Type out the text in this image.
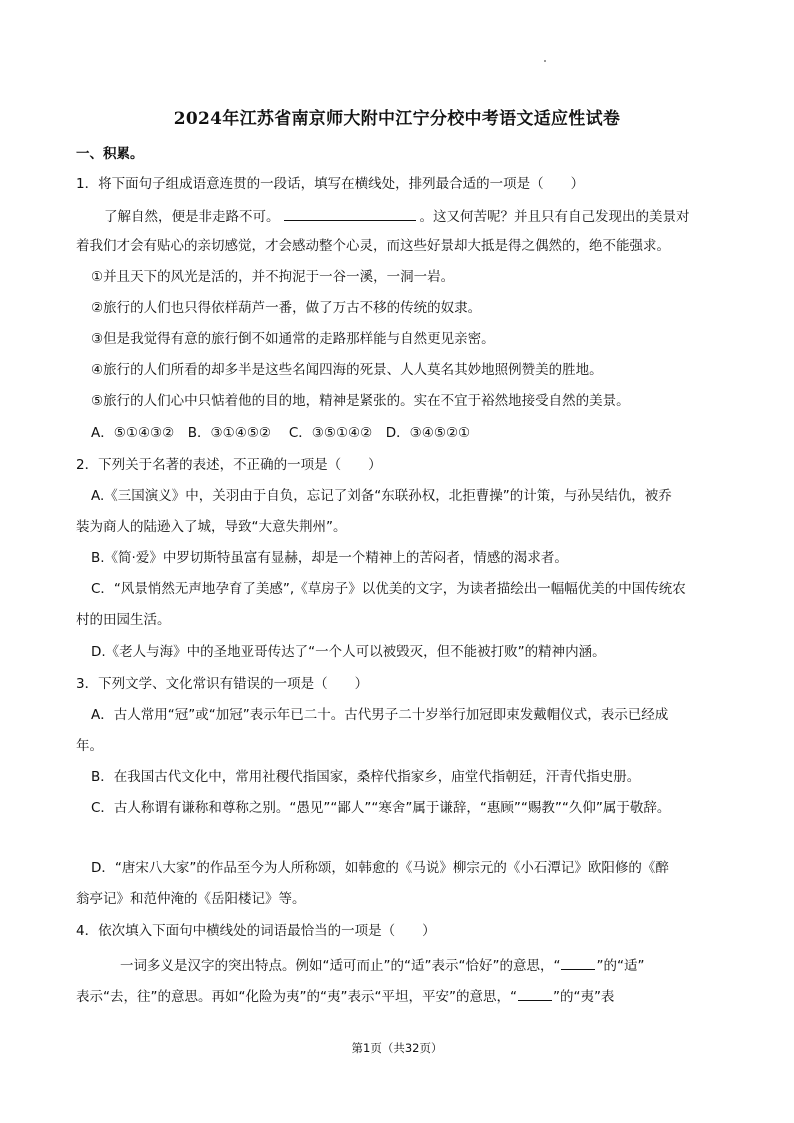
2024年江苏省南京师大附中江宁分校中考语文适应性试卷
一、积累。
1．将下面句子组成语意连贯的一段话，填写在横线处，排列最合适的一项是（　　）
了解自然，便是非走路不可。	。这又何苦呢？并且只有自己发现出的美景对
着我们才会有贴心的亲切感觉，才会感动整个心灵，而这些好景却大抵是得之偶然的，绝不能强求。
①并且天下的风光是活的，并不拘泥于一谷一溪，一洞一岩。
②旅行的人们也只得依样葫芦一番，做了万古不移的传统的奴隶。
③但是我觉得有意的旅行倒不如通常的走路那样能与自然更见亲密。
④旅行的人们所看的却多半是这些名闻四海的死景、人人莫名其妙地照例赞美的胜地。
⑤旅行的人们心中只惦着他的目的地，精神是紧张的。实在不宜于裕然地接受自然的美景。
A．⑤①④③②　B．③①④⑤②　 C．③⑤①④②　D．③④⑤②①
2．下列关于名著的表述，不正确的一项是（　　）
A.《三国演义》中，关羽由于自负，忘记了刘备“东联孙权，北拒曹操”的计策，与孙吴结仇，被乔
装为商人的陆逊入了城，导致“大意失荆州”。
B.《简·爱》中罗切斯特虽富有显赫，却是一个精神上的苦闷者，情感的渴求者。
C．“风景悄然无声地孕育了美感”,《草房子》以优美的文字，为读者描绘出一幅幅优美的中国传统农
村的田园生活。
D.《老人与海》中的圣地亚哥传达了“一个人可以被毁灭，但不能被打败”的精神内涵。
3．下列文学、文化常识有错误的一项是（　　）
A．古人常用“冠”或“加冠”表示年已二十。古代男子二十岁举行加冠即束发戴帽仪式，表示已经成
年。
B．在我国古代文化中，常用社稷代指国家，桑梓代指家乡，庙堂代指朝廷，汗青代指史册。
C．古人称谓有谦称和尊称之别。“愚见”“鄙人”“寒舍”属于谦辞，“惠顾”“赐教”“久仰”属于敬辞。
D．“唐宋八大家”的作品至今为人所称颂，如韩愈的《马说》柳宗元的《小石潭记》欧阳修的《醉
翁亭记》和范仲淹的《岳阳楼记》等。
4．依次填入下面句中横线处的词语最恰当的一项是（　　）
一词多义是汉字的突出特点。例如“适可而止”的“适”表示“恰好”的意思，“	”的“适”
表示“去，往”的意思。再如“化险为夷”的“夷”表示“平坦，平安”的意思，“	”的“夷”表
第1页（共32页）
